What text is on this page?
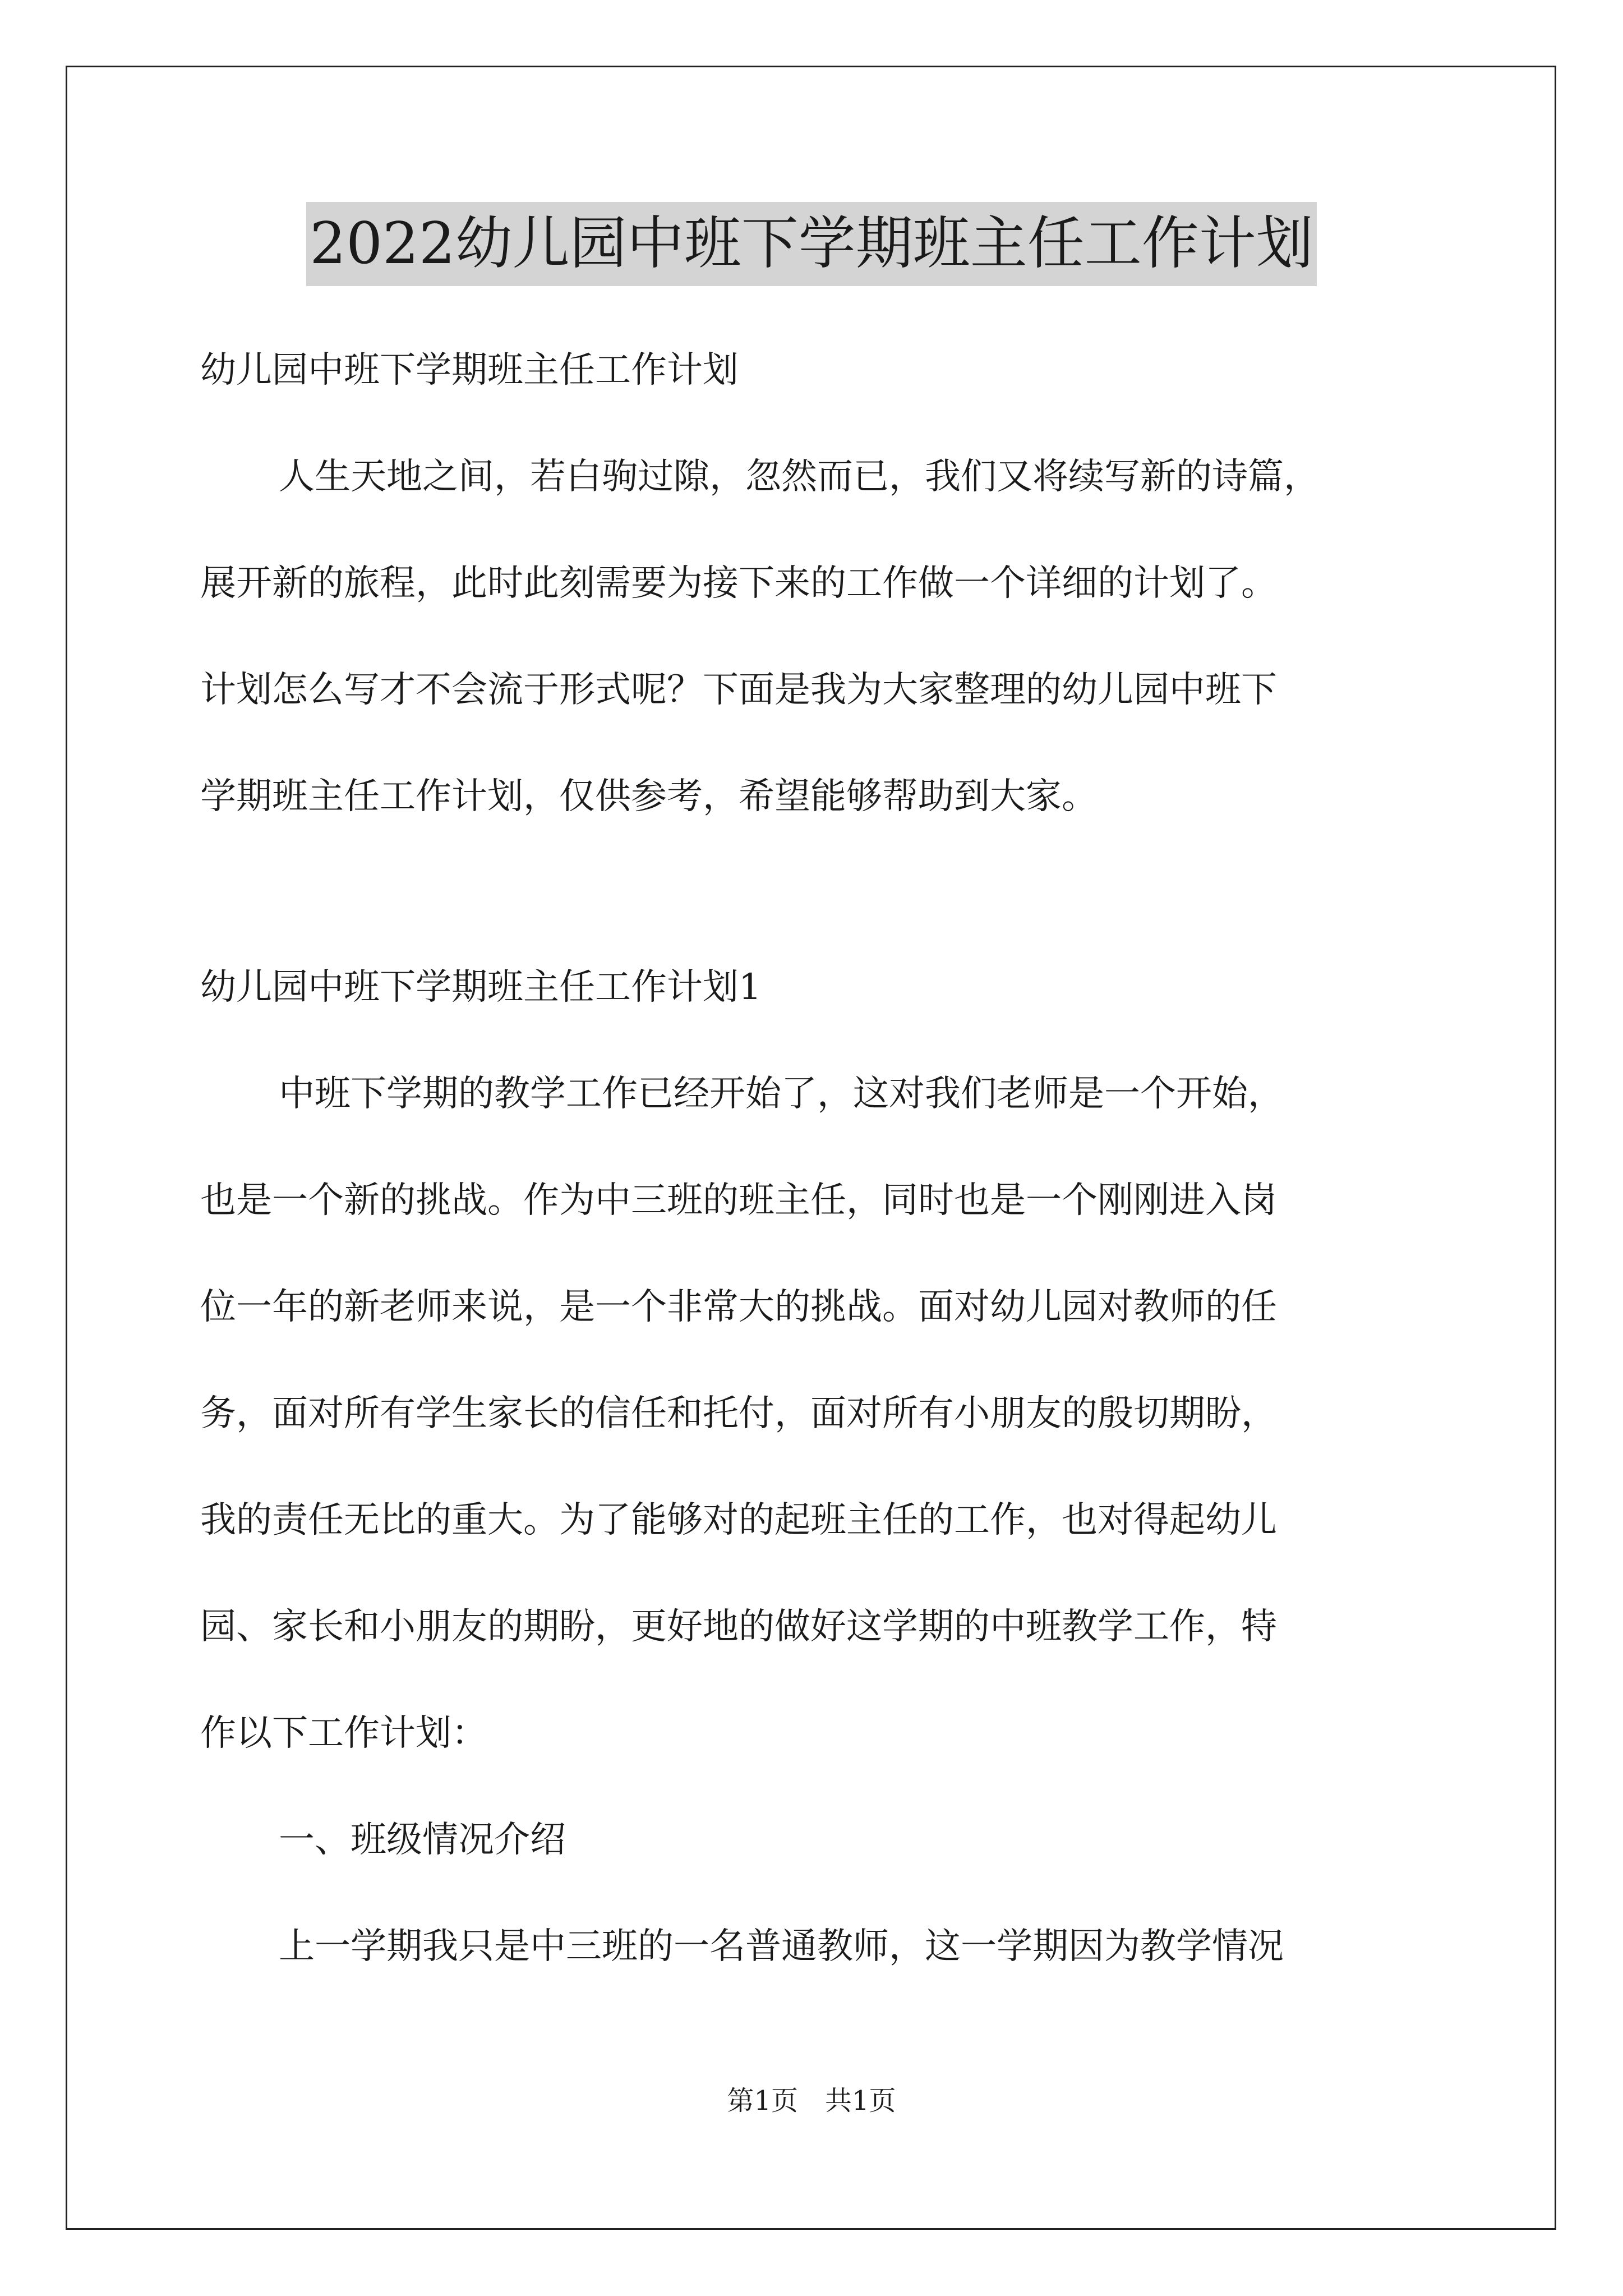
2022幼儿园中班下学期班主任工作计划
幼儿园中班下学期班主任工作计划
人生天地之间，若白驹过隙，忽然而已，我们又将续写新的诗篇，
展开新的旅程，此时此刻需要为接下来的工作做一个详细的计划了。
计划怎么写才不会流于形式呢？下面是我为大家整理的幼儿园中班下
学期班主任工作计划，仅供参考，希望能够帮助到大家。
幼儿园中班下学期班主任工作计划1
中班下学期的教学工作已经开始了，这对我们老师是一个开始，
也是一个新的挑战。作为中三班的班主任，同时也是一个刚刚进入岗
位一年的新老师来说，是一个非常大的挑战。面对幼儿园对教师的任
务，面对所有学生家长的信任和托付，面对所有小朋友的殷切期盼，
我的责任无比的重大。为了能够对的起班主任的工作，也对得起幼儿
园、家长和小朋友的期盼，更好地的做好这学期的中班教学工作，特
作以下工作计划：
一、班级情况介绍
上一学期我只是中三班的一名普通教师，这一学期因为教学情况
第1页　共1页
